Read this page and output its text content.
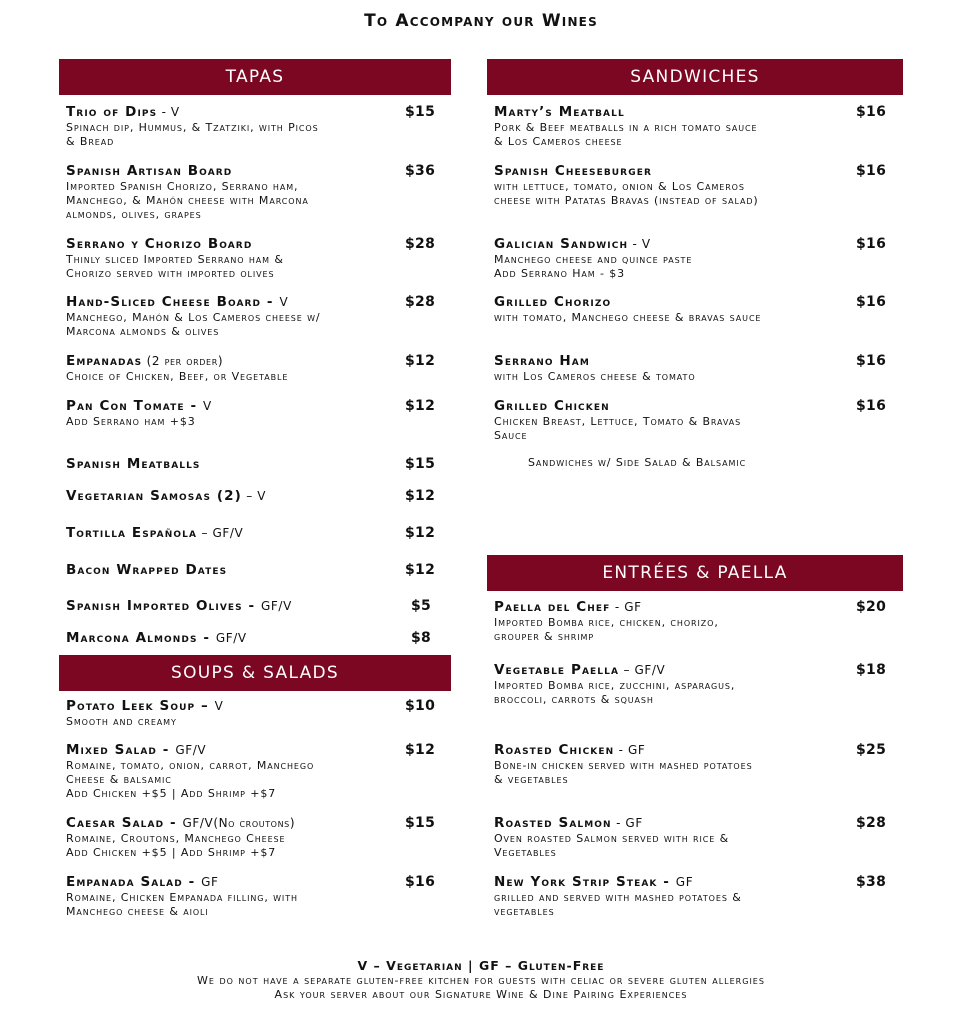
To Accompany our Wines
TAPAS
SOUPS & SALADS
SANDWICHES
ENTRÉES & PAELLA
Trio of Dips - V
Spinach dip, Hummus, & Tzatziki, with Picos
& Bread
$15
Spanish Artisan Board
Imported Spanish Chorizo, Serrano ham,
Manchego, & Mahón cheese with Marcona
almonds, olives, grapes
$36
Serrano y Chorizo Board
Thinly sliced Imported Serrano ham &
Chorizo served with imported olives
$28
Hand-Sliced Cheese Board - V
Manchego, Mahón & Los Cameros cheese w/
Marcona almonds & olives
$28
Empanadas (2 per order)
Choice of Chicken, Beef, or Vegetable
$12
Pan Con Tomate - V
Add Serrano ham +$3
$12
Spanish Meatballs	$15
Vegetarian Samosas (2) – V	$12
Tortilla Española – GF/V	$12
Bacon Wrapped Dates	$12
Spanish Imported Olives - GF/V	$5
Marcona Almonds - GF/V	$8
Potato Leek Soup – V
Smooth and creamy
$10
Mixed Salad - GF/V
Romaine, tomato, onion, carrot, Manchego
Cheese & balsamic
Add Chicken +$5 | Add Shrimp +$7
$12
Caesar Salad - GF/V(No croutons)
Romaine, Croutons, Manchego Cheese
Add Chicken +$5 | Add Shrimp +$7
$15
Empanada Salad - GF
Romaine, Chicken Empanada filling, with
Manchego cheese & aioli
$16
Marty’s Meatball
Pork & Beef meatballs in a rich tomato sauce
& Los Cameros cheese
$16
Spanish Cheeseburger
with lettuce, tomato, onion & Los Cameros
cheese with Patatas Bravas (instead of salad)
$16
Galician Sandwich - V
Manchego cheese and quince paste
Add Serrano Ham - $3
$16
Grilled Chorizo
with tomato, Manchego cheese & bravas sauce
$16
Serrano Ham
with Los Cameros cheese & tomato
$16
Grilled Chicken
Chicken Breast, Lettuce, Tomato & Bravas
Sauce
$16
Paella del Chef - GF
Imported Bomba rice, chicken, chorizo,
grouper & shrimp
$20
Vegetable Paella – GF/V
Imported Bomba rice, zucchini, asparagus,
broccoli, carrots & squash
$18
Roasted Chicken - GF
Bone-in chicken served with mashed potatoes
& vegetables
$25
Roasted Salmon - GF
Oven roasted Salmon served with rice &
Vegetables
$28
New York Strip Steak - GF
grilled and served with mashed potatoes &
vegetables
$38
Sandwiches w/ Side Salad & Balsamic
V – Vegetarian | GF – Gluten-Free
We do not have a separate gluten-free kitchen for guests with celiac or severe gluten allergies
Ask your server about our Signature Wine & Dine Pairing Experiences
